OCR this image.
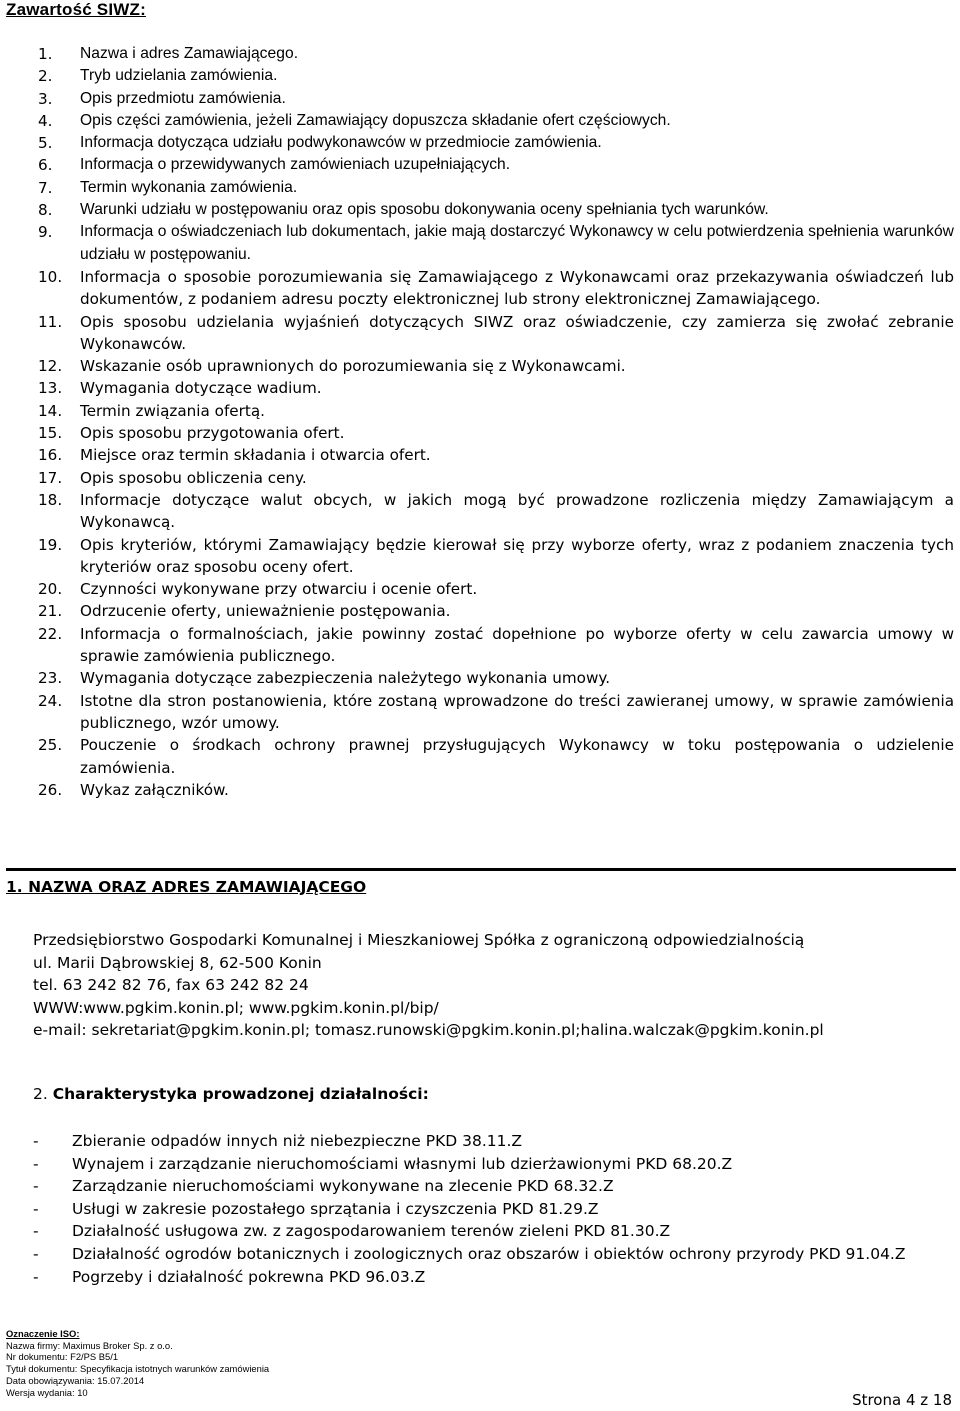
Zawartość SIWZ:
1.	Nazwa i adres Zamawiającego.
2.	Tryb udzielania zamówienia.
3.	Opis przedmiotu zamówienia.
4.	Opis części zamówienia, jeżeli Zamawiający dopuszcza składanie ofert częściowych.
5.	Informacja dotycząca udziału podwykonawców w przedmiocie zamówienia.
6.	Informacja o przewidywanych zamówieniach uzupełniających.
7.	Termin wykonania zamówienia.
8.	Warunki udziału w postępowaniu oraz opis sposobu dokonywania oceny spełniania tych warunków.
9.	Informacja o oświadczeniach lub dokumentach, jakie mają dostarczyć Wykonawcy w celu potwierdzenia spełnienia warunków udziału w postępowaniu.
10.	Informacja o sposobie porozumiewania się Zamawiającego z Wykonawcami oraz przekazywania oświadczeń lub dokumentów, z podaniem adresu poczty elektronicznej lub strony elektronicznej Zamawiającego.
11.	Opis sposobu udzielania wyjaśnień dotyczących SIWZ oraz oświadczenie, czy zamierza się zwołać zebranie Wykonawców.
12.	Wskazanie osób uprawnionych do porozumiewania się z Wykonawcami.
13.	Wymagania dotyczące wadium.
14.	Termin związania ofertą.
15.	Opis sposobu przygotowania ofert.
16.	Miejsce oraz termin składania i otwarcia ofert.
17.	Opis sposobu obliczenia ceny.
18.	Informacje dotyczące walut obcych, w jakich mogą być prowadzone rozliczenia między Zamawiającym a Wykonawcą.
19.	Opis kryteriów, którymi Zamawiający będzie kierował się przy wyborze oferty, wraz z podaniem znaczenia tych kryteriów oraz sposobu oceny ofert.
20.	Czynności wykonywane przy otwarciu i ocenie ofert.
21.	Odrzucenie oferty, unieważnienie postępowania.
22.	Informacja o formalnościach, jakie powinny zostać dopełnione po wyborze oferty w celu zawarcia umowy w sprawie zamówienia publicznego.
23.	Wymagania dotyczące zabezpieczenia należytego wykonania umowy.
24.	Istotne dla stron postanowienia, które zostaną wprowadzone do treści zawieranej umowy, w sprawie zamówienia publicznego, wzór umowy.
25.	Pouczenie o środkach ochrony prawnej przysługujących Wykonawcy w toku postępowania o udzielenie zamówienia.
26.	Wykaz załączników.
1. NAZWA ORAZ ADRES ZAMAWIAJĄCEGO
Przedsiębiorstwo Gospodarki Komunalnej i Mieszkaniowej Spółka z ograniczoną odpowiedzialnością
ul. Marii Dąbrowskiej 8, 62-500 Konin
tel. 63 242 82 76, fax 63 242 82 24
WWW:www.pgkim.konin.pl; www.pgkim.konin.pl/bip/
e-mail: sekretariat@pgkim.konin.pl; tomasz.runowski@pgkim.konin.pl;halina.walczak@pgkim.konin.pl
2. Charakterystyka prowadzonej działalności:
-	Zbieranie odpadów innych niż niebezpieczne PKD 38.11.Z
-	Wynajem i zarządzanie nieruchomościami własnymi lub dzierżawionymi PKD 68.20.Z
-	Zarządzanie nieruchomościami wykonywane na zlecenie PKD 68.32.Z
-	Usługi w zakresie pozostałego sprzątania i czyszczenia PKD 81.29.Z
-	Działalność usługowa zw. z zagospodarowaniem terenów zieleni PKD 81.30.Z
-	Działalność ogrodów botanicznych i zoologicznych oraz obszarów i obiektów ochrony przyrody PKD 91.04.Z
-	Pogrzeby i działalność pokrewna PKD 96.03.Z
Oznaczenie ISO:
Nazwa firmy: Maximus Broker Sp. z o.o.
Nr dokumentu: F2/PS B5/1
Tytuł dokumentu: Specyfikacja istotnych warunków zamówienia
Data obowiązywania: 15.07.2014
Wersja wydania: 10	Strona 4 z 18
